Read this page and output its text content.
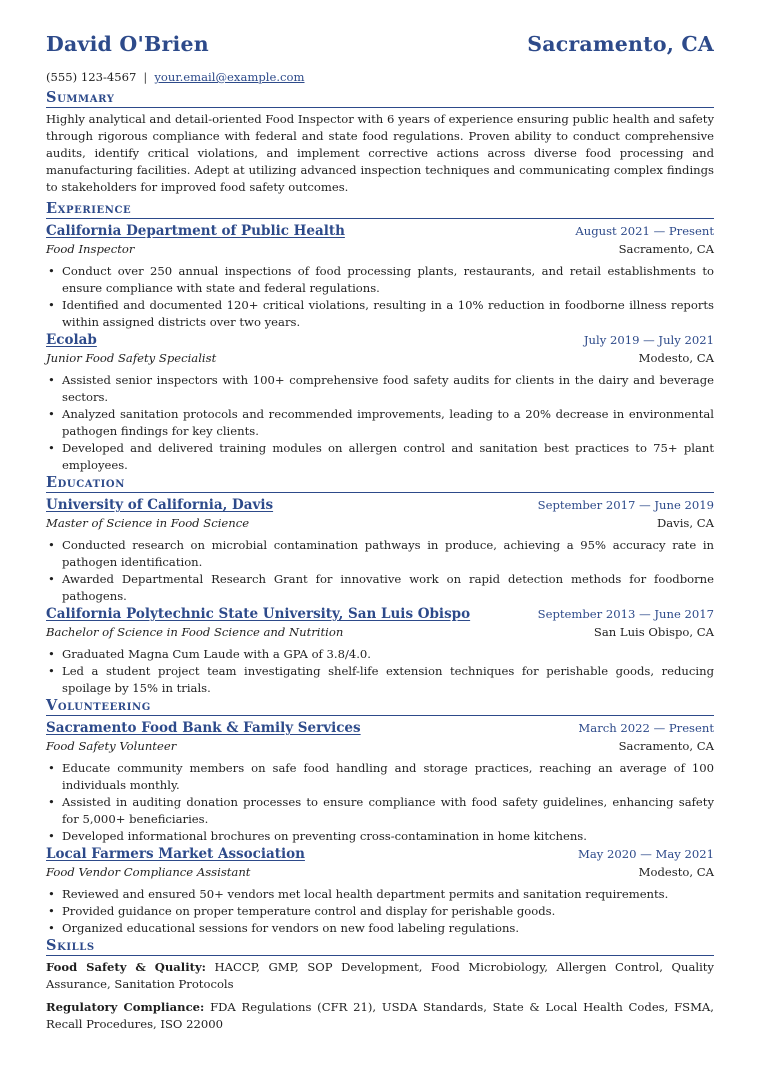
David O'Brien	Sacramento, CA
(555) 123-4567 | your.email@example.com
Summary

Highly analytical and detail-oriented Food Inspector with 6 years of experience ensuring public health and safety through rigorous compliance with federal and state food regulations. Proven ability to conduct comprehensive audits, identify critical violations, and implement corrective actions across diverse food processing and manufacturing facilities. Adept at utilizing advanced inspection techniques and communicating complex findings to stakeholders for improved food safety outcomes.

Experience
California Department of Public Health	August 2021 — Present
Food Inspector	Sacramento, CA
• Conduct over 250 annual inspections of food processing plants, restaurants, and retail establishments to ensure compliance with state and federal regulations.
• Identified and documented 120+ critical violations, resulting in a 10% reduction in foodborne illness reports within assigned districts over two years.
Ecolab	July 2019 — July 2021
Junior Food Safety Specialist	Modesto, CA
• Assisted senior inspectors with 100+ comprehensive food safety audits for clients in the dairy and beverage sectors.
• Analyzed sanitation protocols and recommended improvements, leading to a 20% decrease in environmental pathogen findings for key clients.
• Developed and delivered training modules on allergen control and sanitation best practices to 75+ plant employees.
Education
University of California, Davis	September 2017 — June 2019
Master of Science in Food Science	Davis, CA
• Conducted research on microbial contamination pathways in produce, achieving a 95% accuracy rate in pathogen identification.
• Awarded Departmental Research Grant for innovative work on rapid detection methods for foodborne pathogens.
California Polytechnic State University, San Luis Obispo	September 2013 — June 2017
Bachelor of Science in Food Science and Nutrition	San Luis Obispo, CA
• Graduated Magna Cum Laude with a GPA of 3.8/4.0.
• Led a student project team investigating shelf-life extension techniques for perishable goods, reducing spoilage by 15% in trials.
Volunteering
Sacramento Food Bank & Family Services	March 2022 — Present
Food Safety Volunteer	Sacramento, CA
• Educate community members on safe food handling and storage practices, reaching an average of 100 individuals monthly.
• Assisted in auditing donation processes to ensure compliance with food safety guidelines, enhancing safety for 5,000+ beneficiaries.
• Developed informational brochures on preventing cross-contamination in home kitchens.
Local Farmers Market Association	May 2020 — May 2021
Food Vendor Compliance Assistant	Modesto, CA
• Reviewed and ensured 50+ vendors met local health department permits and sanitation requirements.
• Provided guidance on proper temperature control and display for perishable goods.
• Organized educational sessions for vendors on new food labeling regulations.
Skills

Food Safety & Quality: HACCP, GMP, SOP Development, Food Microbiology, Allergen Control, Quality Assurance, Sanitation Protocols

Regulatory Compliance: FDA Regulations (CFR 21), USDA Standards, State & Local Health Codes, FSMA, Recall Procedures, ISO 22000
